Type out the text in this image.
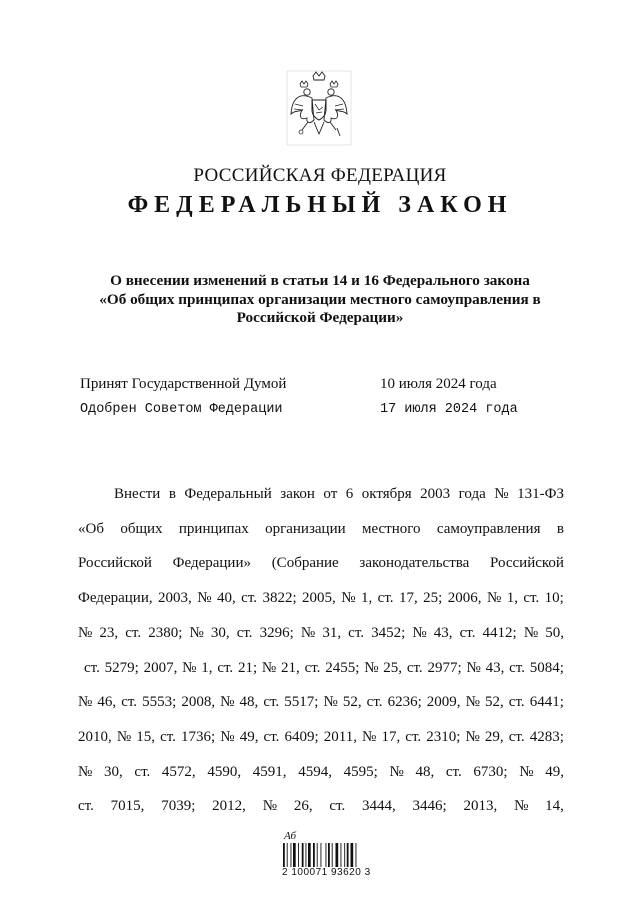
РОССИЙСКАЯ ФЕДЕРАЦИЯ
ФЕДЕРАЛЬНЫЙ ЗАКОН
О внесении изменений в статьи 14 и 16 Федерального закона
«Об общих принципах организации местного самоуправления в
Российской Федерации»
Принят Государственной Думой	10 июля 2024 года
Одобрен Советом Федерации	17 июля 2024 года
Внести в Федеральный закон от 6 октября 2003 года № 131-ФЗ
«Об общих принципах организации местного самоуправления в
Российской Федерации» (Собрание законодательства Российской
Федерации, 2003, № 40, ст. 3822; 2005, № 1, ст. 17, 25; 2006, № 1, ст. 10;
№ 23, ст. 2380; № 30, ст. 3296; № 31, ст. 3452; № 43, ст. 4412; № 50,
ст. 5279; 2007, № 1, ст. 21; № 21, ст. 2455; № 25, ст. 2977; № 43, ст. 5084;
№ 46, ст. 5553; 2008, № 48, ст. 5517; № 52, ст. 6236; 2009, № 52, ст. 6441;
2010, № 15, ст. 1736; № 49, ст. 6409; 2011, № 17, ст. 2310; № 29, ст. 4283;
№ 30, ст. 4572, 4590, 4591, 4594, 4595; № 48, ст. 6730; № 49,
ст. 7015, 7039; 2012, № 26, ст. 3444, 3446; 2013, № 14,
Аб
2 100071 93620 3
